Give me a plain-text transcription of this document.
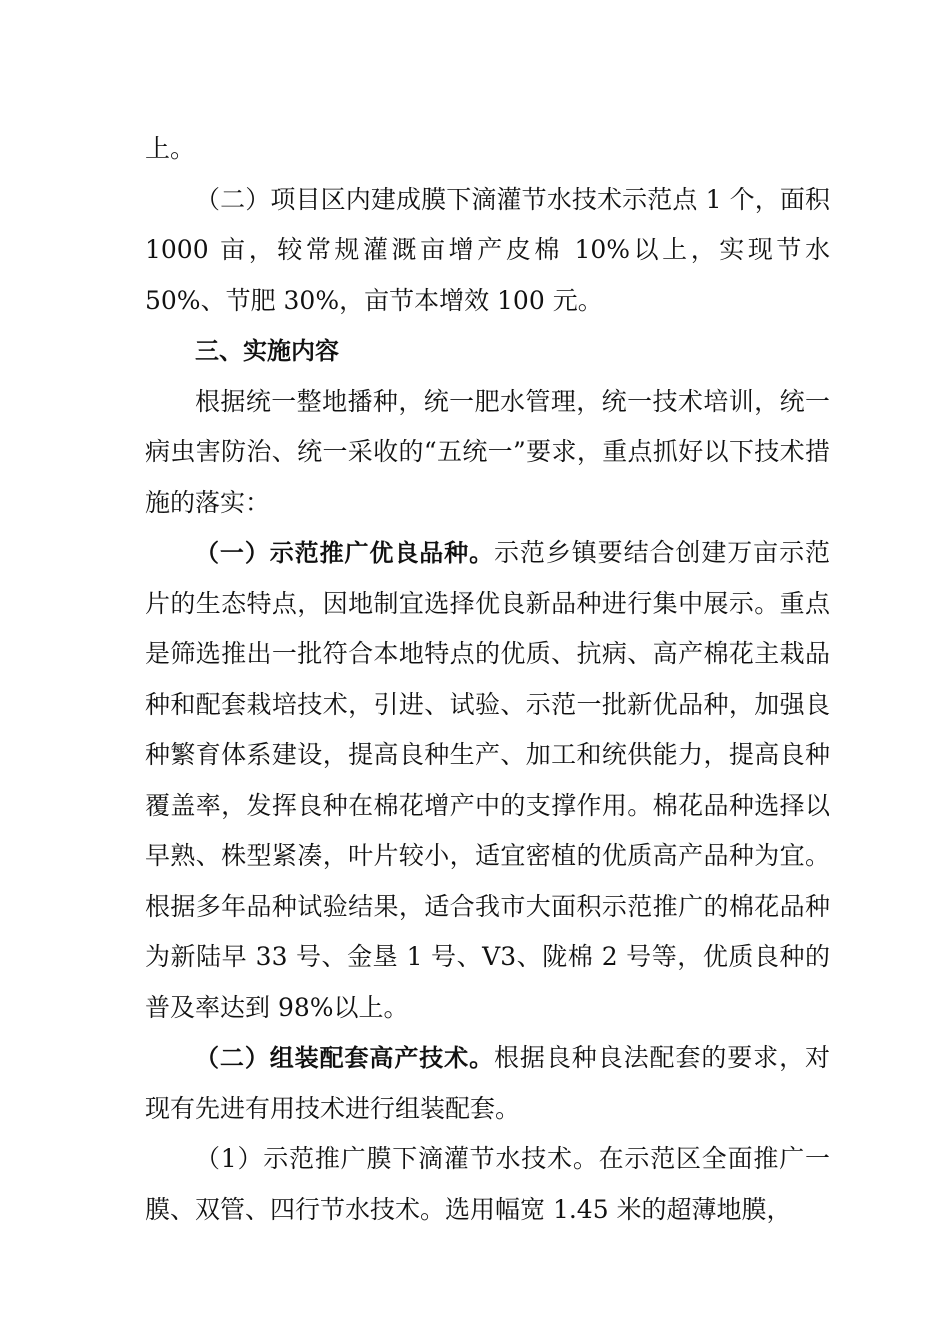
上。

（二）项目区内建成膜下滴灌节水技术示范点 1 个，面积 1000 亩，较常规灌溉亩增产皮棉 10%以上，实现节水 50%、节肥 30%，亩节本增效 100 元。

三、实施内容

根据统一整地播种，统一肥水管理，统一技术培训，统一病虫害防治、统一采收的“五统一”要求，重点抓好以下技术措施的落实：

（一）示范推广优良品种。示范乡镇要结合创建万亩示范片的生态特点，因地制宜选择优良新品种进行集中展示。重点是筛选推出一批符合本地特点的优质、抗病、高产棉花主栽品种和配套栽培技术，引进、试验、示范一批新优品种，加强良种繁育体系建设，提高良种生产、加工和统供能力，提高良种覆盖率，发挥良种在棉花增产中的支撑作用。棉花品种选择以早熟、株型紧凑，叶片较小，适宜密植的优质高产品种为宜。根据多年品种试验结果，适合我市大面积示范推广的棉花品种为新陆早 33 号、金垦 1 号、V3、陇棉 2 号等，优质良种的普及率达到 98%以上。

（二）组装配套高产技术。根据良种良法配套的要求，对现有先进有用技术进行组装配套。

（1）示范推广膜下滴灌节水技术。在示范区全面推广一膜、双管、四行节水技术。选用幅宽 1.45 米的超薄地膜，
